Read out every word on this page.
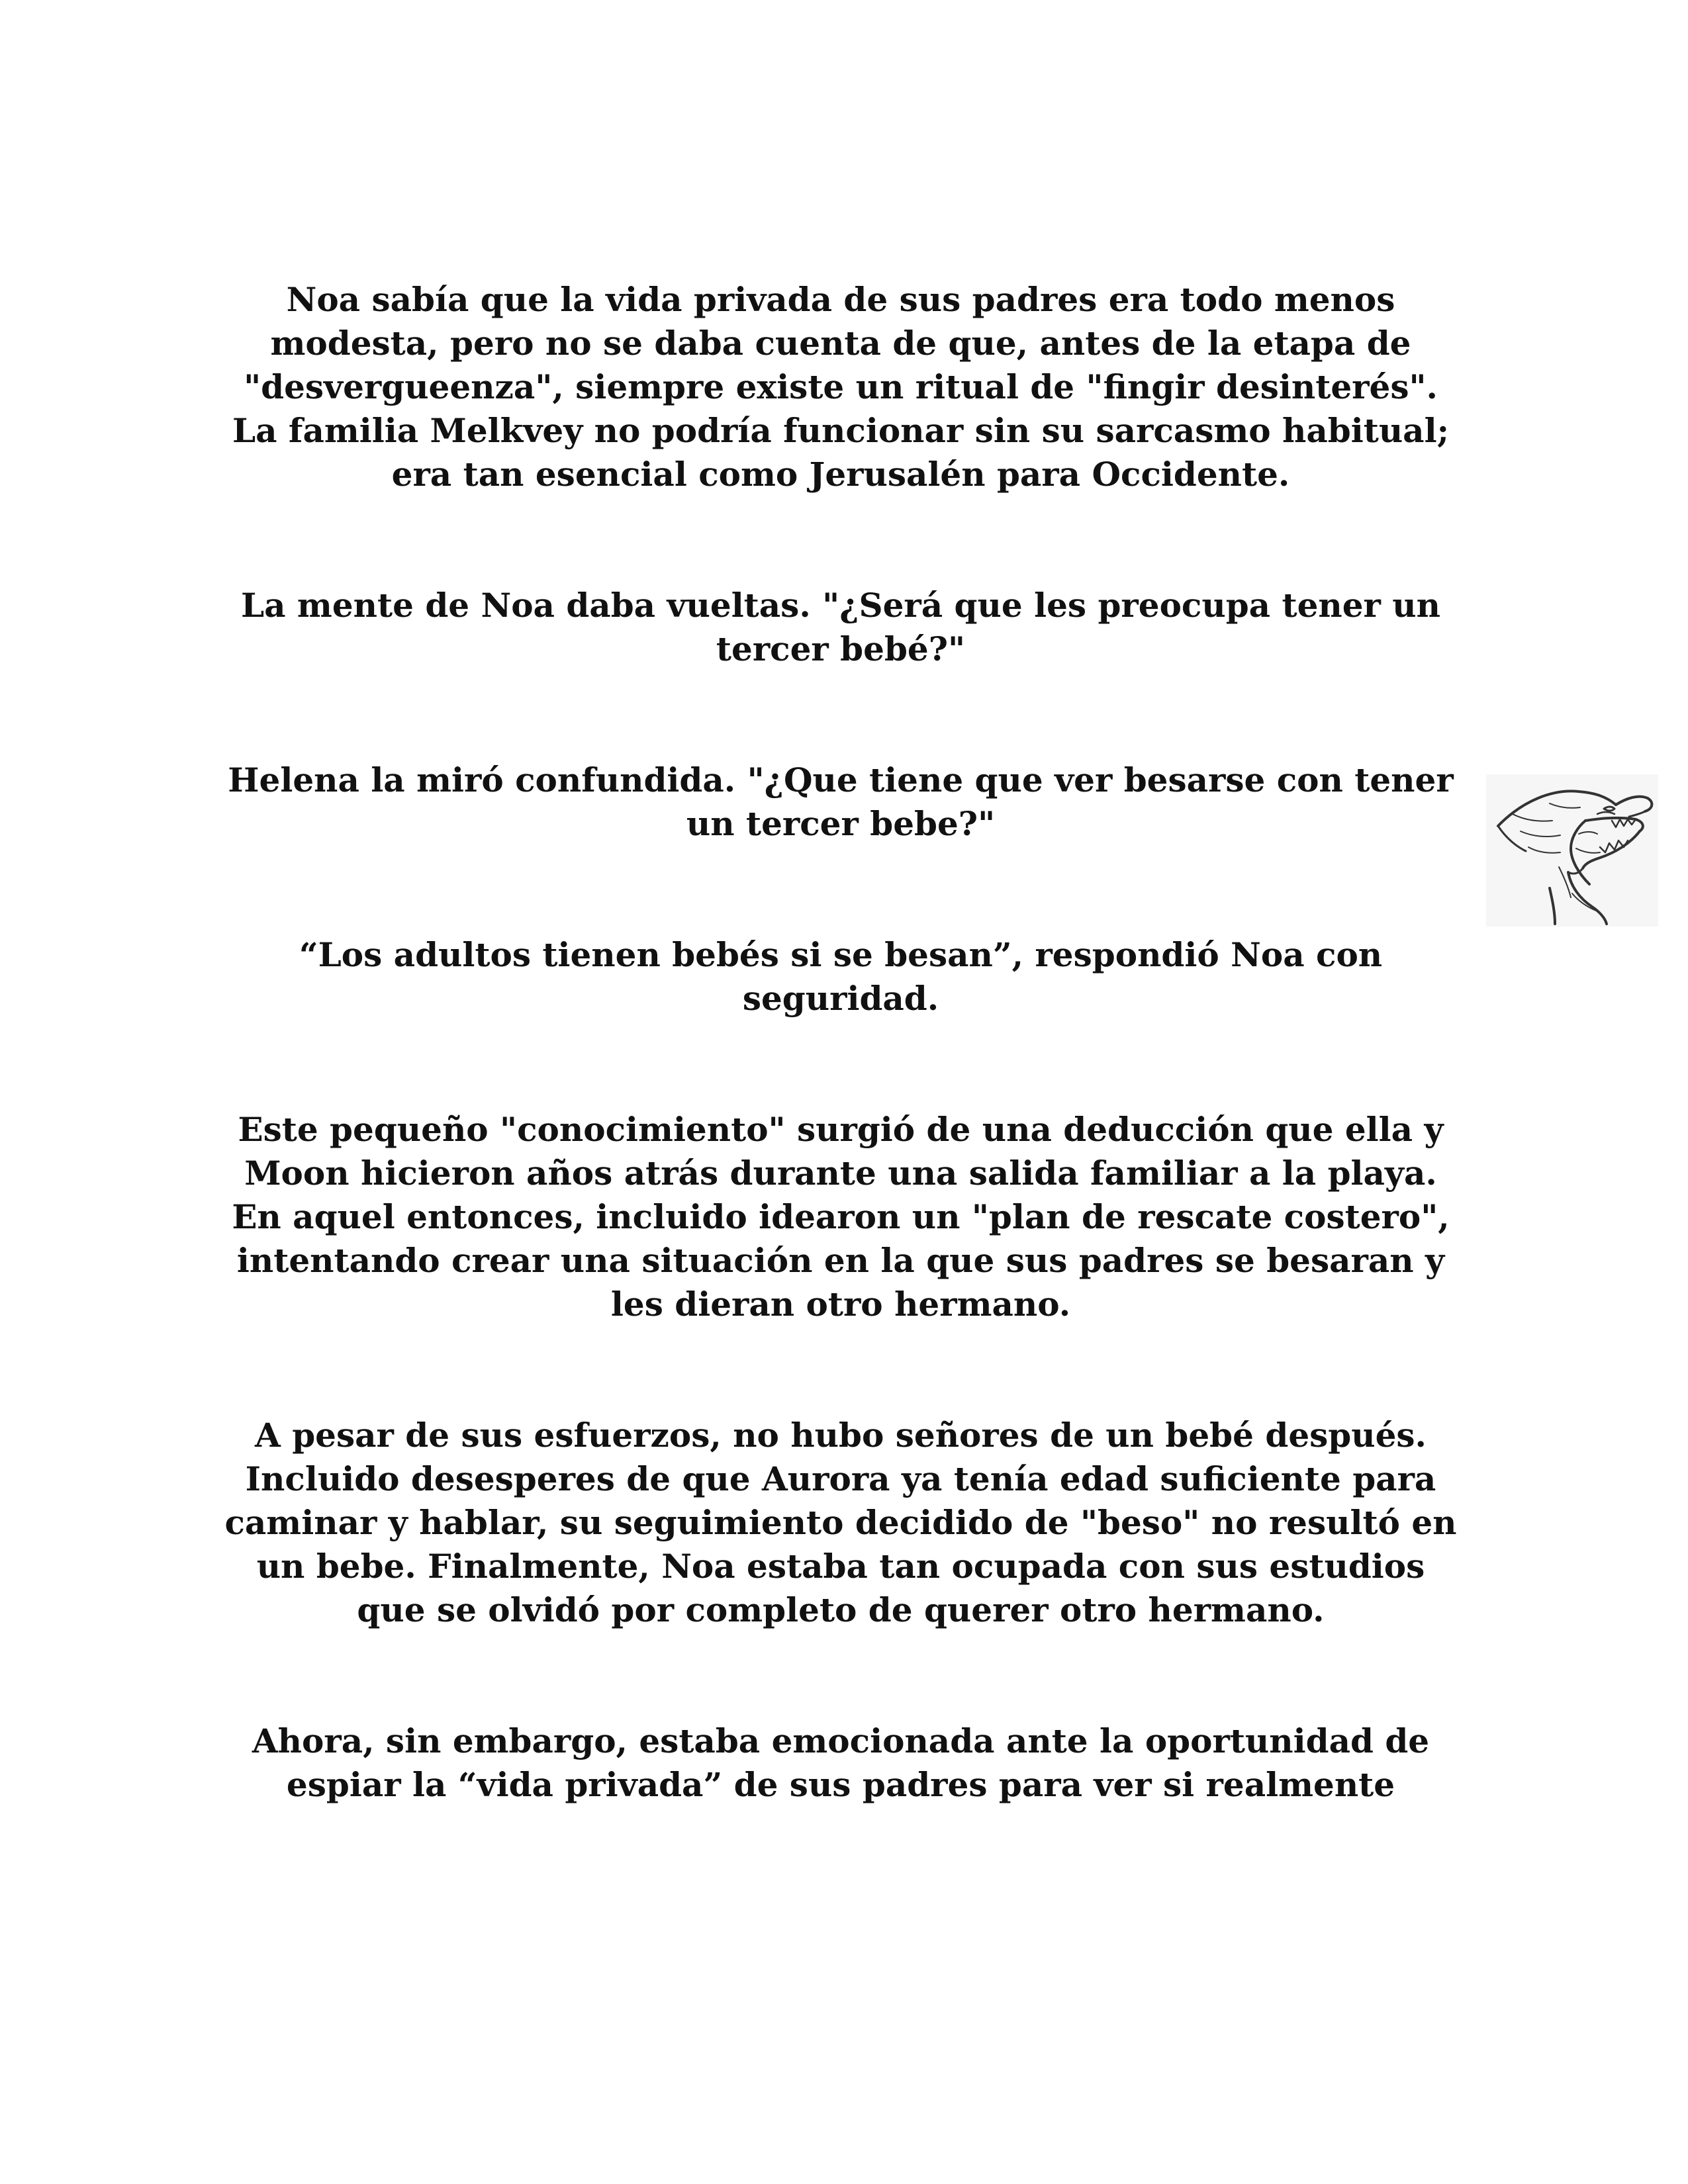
Noa sabía que la vida privada de sus padres era todo menos modesta, pero no se daba cuenta de que, antes de la etapa de "desvergueenza", siempre existe un ritual de "fingir desinterés". La familia Melkvey no podría funcionar sin su sarcasmo habitual; era tan esencial como Jerusalén para Occidente.

La mente de Noa daba vueltas. "¿Será que les preocupa tener un tercer bebé?"

Helena la miró confundida. "¿Que tiene que ver besarse con tener un tercer bebe?"

“Los adultos tienen bebés si se besan”, respondió Noa con seguridad.

Este pequeño "conocimiento" surgió de una deducción que ella y Moon hicieron años atrás durante una salida familiar a la playa. En aquel entonces, incluido idearon un "plan de rescate costero", intentando crear una situación en la que sus padres se besaran y les dieran otro hermano.

A pesar de sus esfuerzos, no hubo señores de un bebé después. Incluido desesperes de que Aurora ya tenía edad suficiente para caminar y hablar, su seguimiento decidido de "beso" no resultó en un bebe. Finalmente, Noa estaba tan ocupada con sus estudios que se olvidó por completo de querer otro hermano.

Ahora, sin embargo, estaba emocionada ante la oportunidad de espiar la “vida privada” de sus padres para ver si realmente
